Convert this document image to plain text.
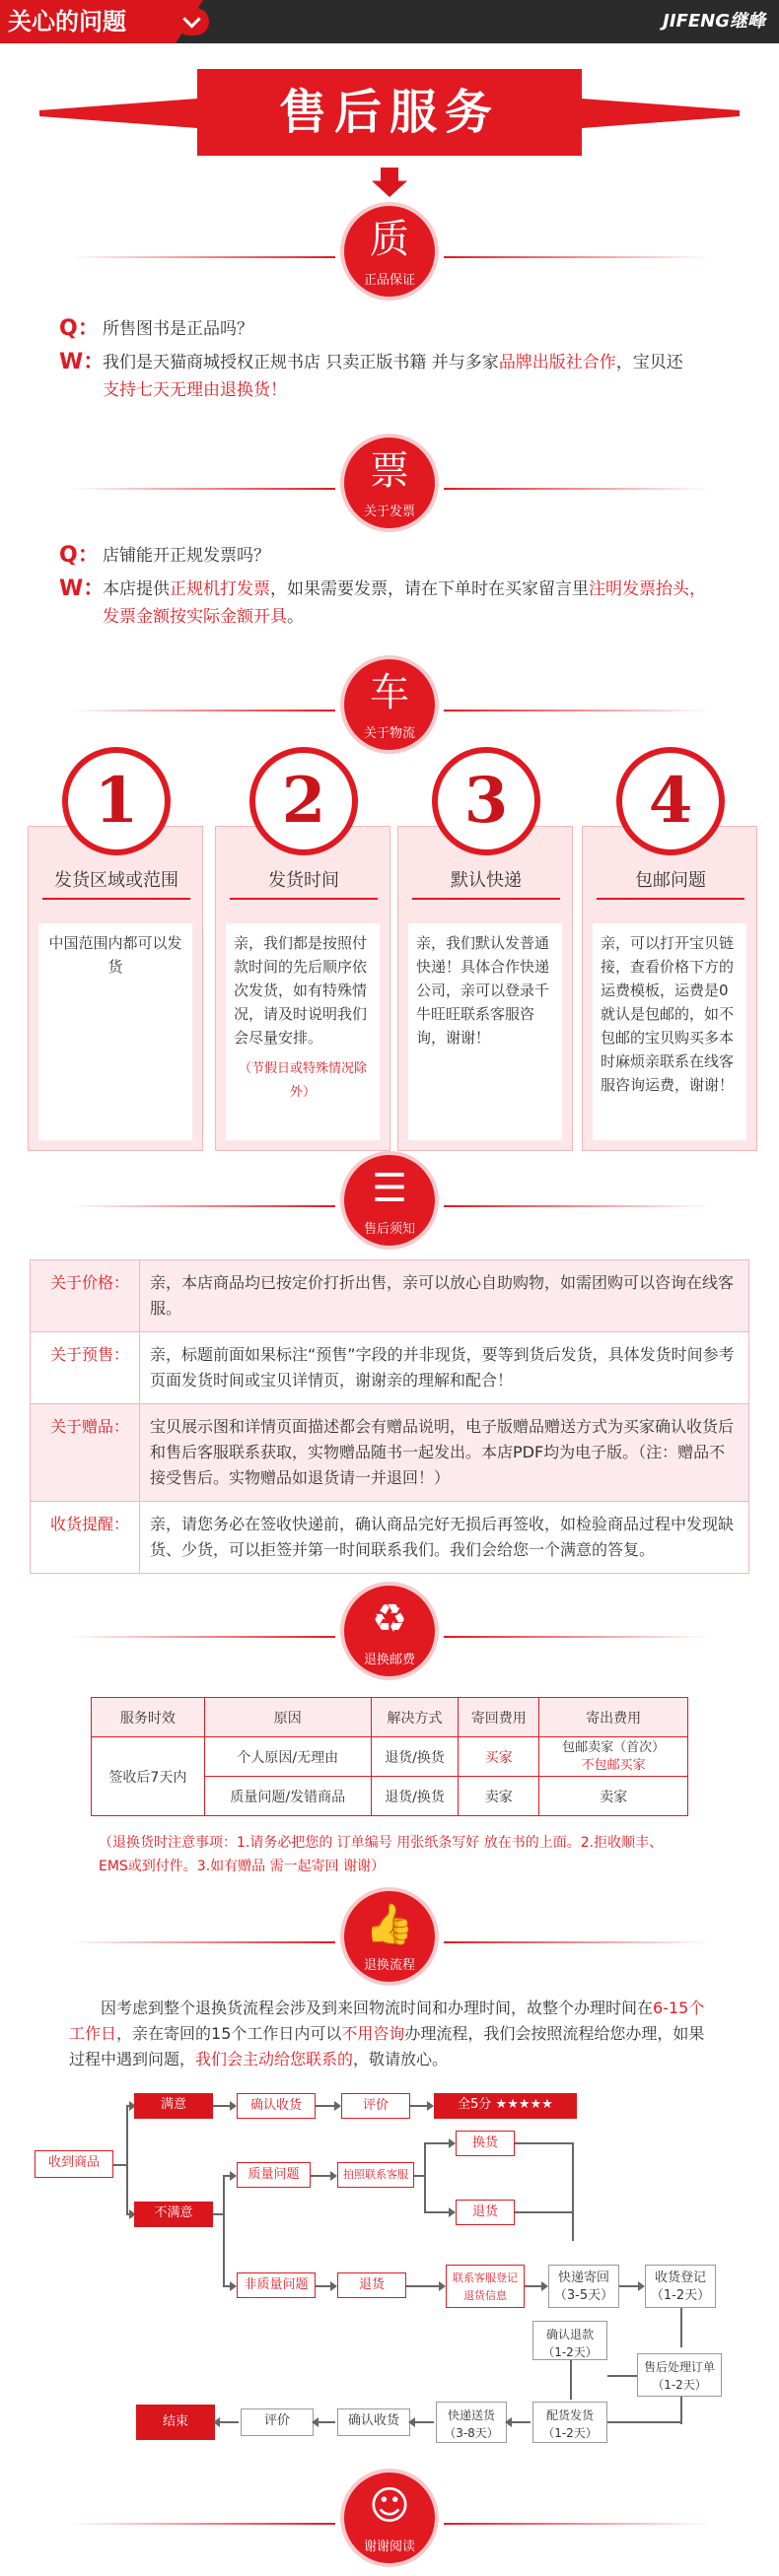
关心的问题	JIFENG继峰
售后服务
质
正品保证
Q： 所售图书是正品吗？
W：
我们是天猫商城授权正规书店 只卖正版书籍 并与多家品牌出版社合作，宝贝还
支持七天无理由退换货！
票
关于发票
Q： 店铺能开正规发票吗？
W：
本店提供正规机打发票，如果需要发票，请在下单时在买家留言里注明发票抬头，
发票金额按实际金额开具。
车
关于物流
1
发货区域或范围
中国范围内都可以发货
2
发货时间
亲，我们都是按照付款时间的先后顺序依次发货，如有特殊情况，请及时说明我们会尽量安排。
（节假日或特殊情况除外）
3
默认快递
亲，我们默认发普通快递！具体合作快递公司，亲可以登录千牛旺旺联系客服咨询，谢谢！
4
包邮问题
亲，可以打开宝贝链接，查看价格下方的运费模板，运费是0就认是包邮的，如不包邮的宝贝购买多本时麻烦亲联系在线客服咨询运费，谢谢！
☰
售后须知
关于价格：	亲，本店商品均已按定价打折出售，亲可以放心自助购物，如需团购可以咨询在线客服。
关于预售：	亲，标题前面如果标注“预售”字段的并非现货，要等到货后发货，具体发货时间参考页面发货时间或宝贝详情页，谢谢亲的理解和配合！
关于赠品：	宝贝展示图和详情页面描述都会有赠品说明，电子版赠品赠送方式为买家确认收货后和售后客服联系获取，实物赠品随书一起发出。本店PDF均为电子版。（注：赠品不接受售后。实物赠品如退货请一并退回！）
收货提醒：	亲，请您务必在签收快递前，确认商品完好无损后再签收，如检验商品过程中发现缺货、少货，可以拒签并第一时间联系我们。我们会给您一个满意的答复。
♻
退换邮费
服务时效	原因	解决方式	寄回费用	寄出费用
签收后7天内	个人原因/无理由	退货/换货	买家	包邮卖家（首次）
不包邮买家

	质量问题/发错商品	退货/换货	卖家	卖家
（退换货时注意事项：1.请务必把您的 订单编号 用张纸条写好 放在书的上面。2.拒收顺丰、EMS或到付件。3.如有赠品 需一起寄回 谢谢）
👍
退换流程
因考虑到整个退换货流程会涉及到来回物流时间和办理时间，故整个办理时间在6-15个工作日，亲在寄回的15个工作日内可以不用咨询办理流程，我们会按照流程给您办理，如果过程中遇到问题，我们会主动给您联系的，敬请放心。
收到商品
满意	确认收货	评价	全5分 ★★★★★
不满意
质量问题	拍照联系客服
换货
退货
非质量问题	退货	联系客服登记
退货信息
快递寄回
（3-5天）
收货登记
（1-2天）
确认退款
（1-2天）
售后处理订单
（1-2天）
结束	评价	确认收货	快递送货
（3-8天）
配货发货
（1-2天）
☺
谢谢阅读
